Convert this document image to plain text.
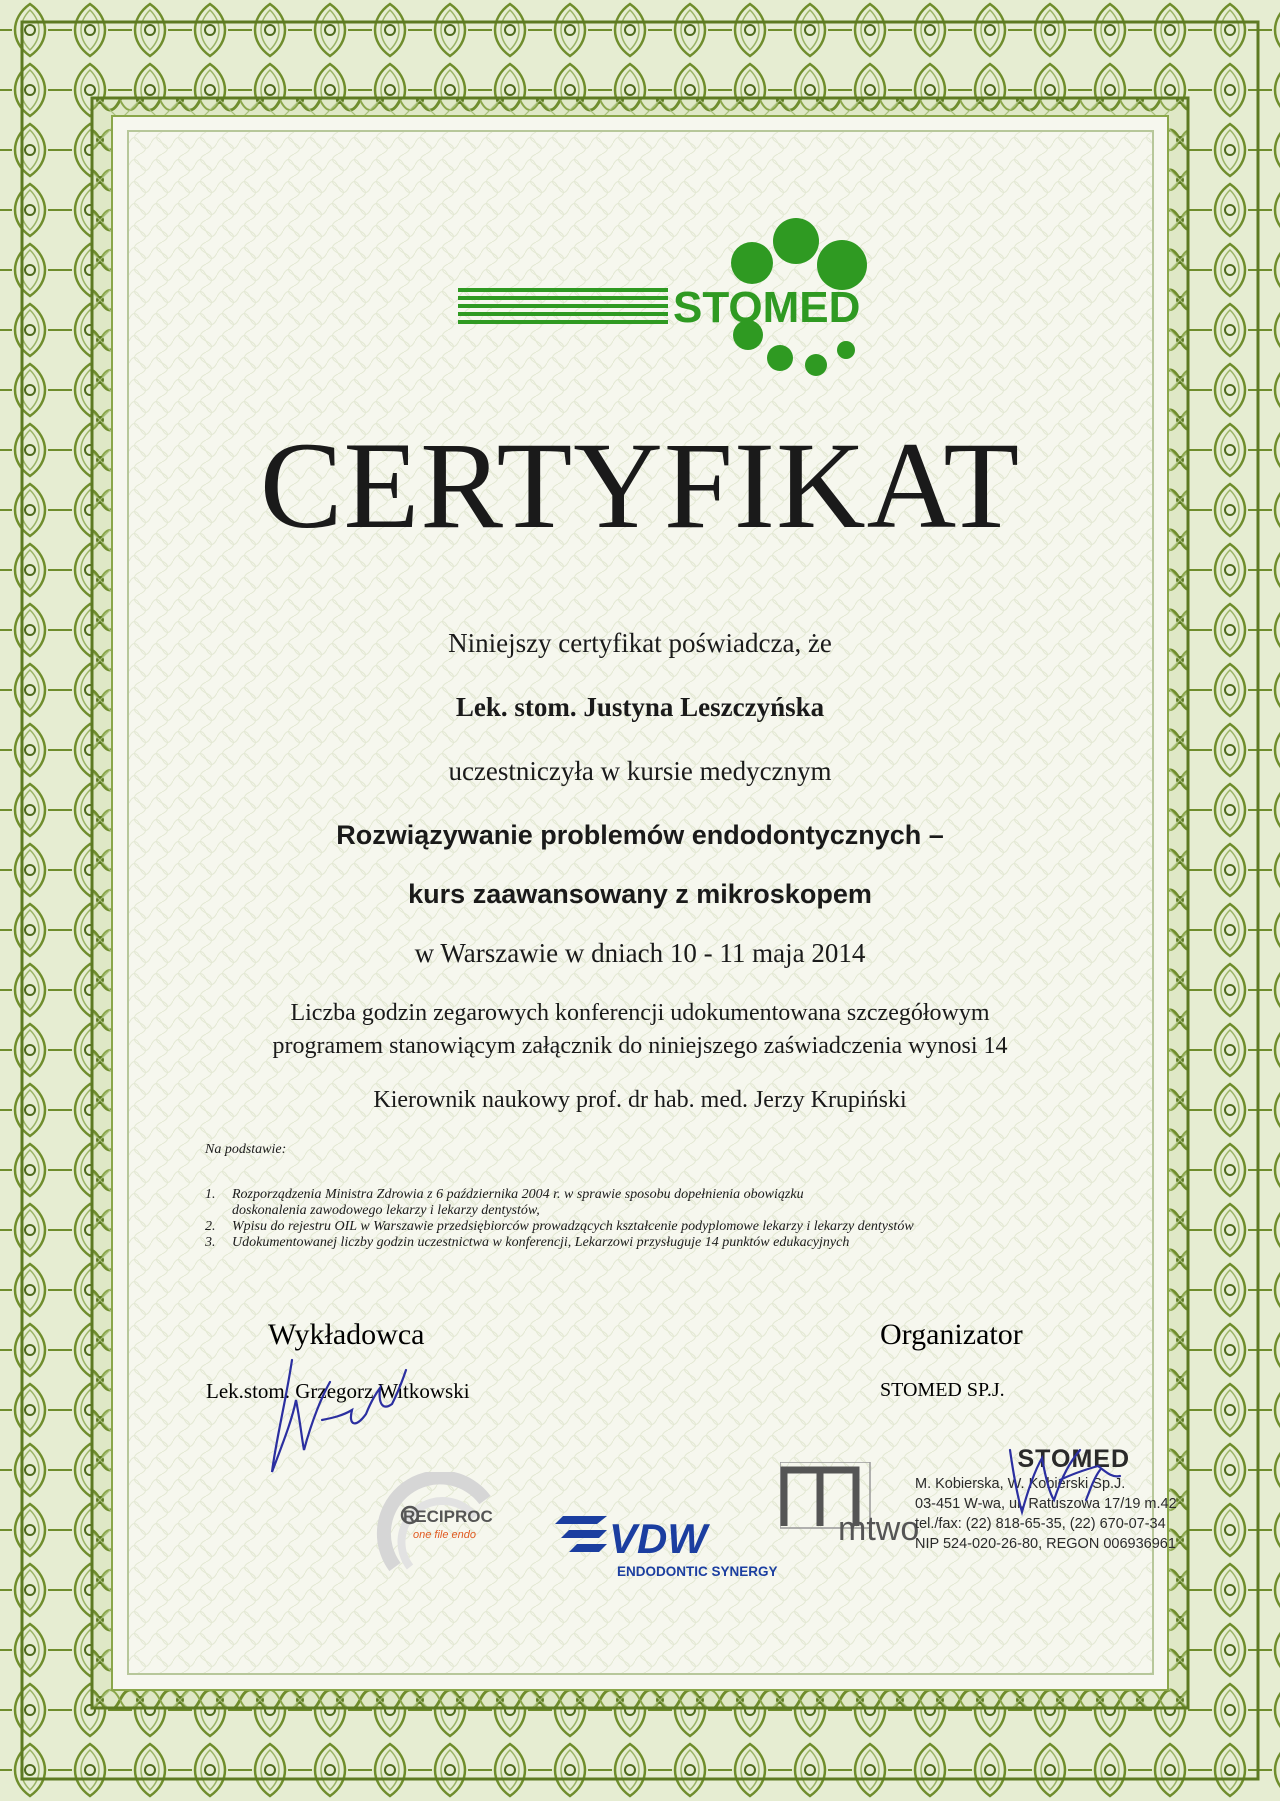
STOMED
CERTYFIKAT
Niniejszy certyfikat poświadcza, że
Lek. stom. Justyna Leszczyńska
uczestniczyła w kursie medycznym
Rozwiązywanie problemów endodontycznych –
kurs zaawansowany z mikroskopem
w Warszawie w dniach 10 - 11 maja 2014
Liczba godzin zegarowych konferencji udokumentowana szczegółowym
programem stanowiącym załącznik do niniejszego zaświadczenia wynosi 14
Kierownik naukowy prof. dr hab. med. Jerzy Krupiński
Na podstawie:
1. Rozporządzenia Ministra Zdrowia z 6 października 2004 r. w sprawie sposobu dopełnienia obowiązku
doskonalenia zawodowego lekarzy i lekarzy dentystów,
2. Wpisu do rejestru OIL w Warszawie przedsiębiorców prowadzących kształcenie podyplomowe lekarzy i lekarzy dentystów
3. Udokumentowanej liczby godzin uczestnictwa w konferencji, Lekarzowi przysługuje 14 punktów edukacyjnych
Wykładowca
Lek.stom. Grzegorz Witkowski
Organizator
STOMED SP.J.
RECIPROC
one file endo	VDW
ENDODONTIC SYNERGY
mtwo
STOMED
M. Kobierska, W. Kobierski Sp.J.
03-451 W-wa, ul. Ratuszowa 17/19 m.42
tel./fax: (22) 818-65-35, (22) 670-07-34
NIP 524-020-26-80, REGON 006936961
